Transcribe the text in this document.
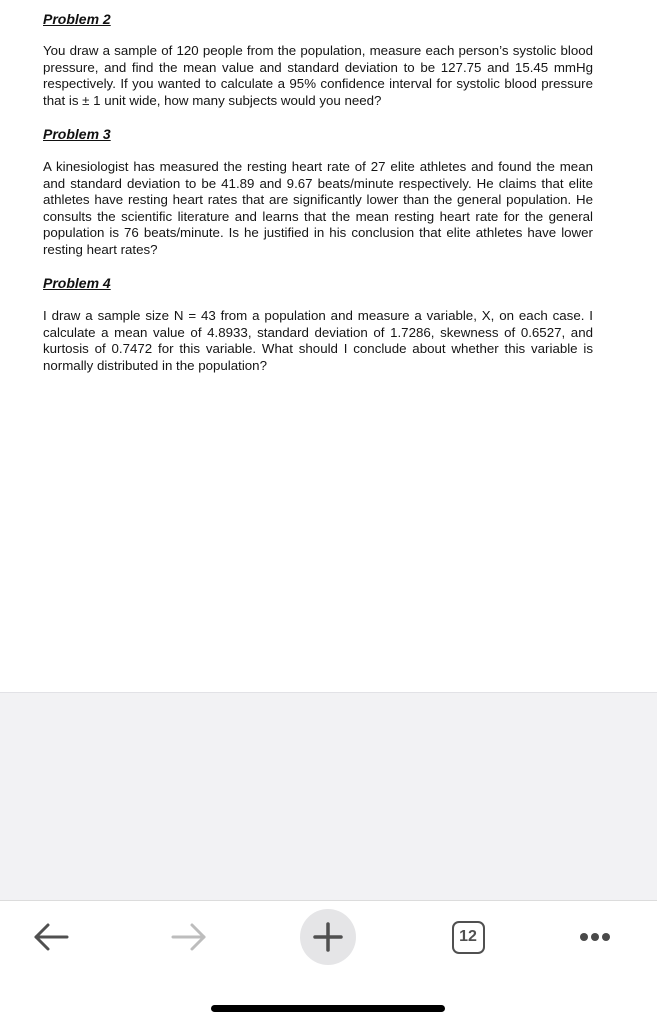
Problem 2

You draw a sample of 120 people from the population, measure each person’s systolic blood pressure, and find the mean value and standard deviation to be 127.75 and 15.45 mmHg respectively. If you wanted to calculate a 95% confidence interval for systolic blood pressure that is ± 1 unit wide, how many subjects would you need?

Problem 3

A kinesiologist has measured the resting heart rate of 27 elite athletes and found the mean and standard deviation to be 41.89 and 9.67 beats/minute respectively. He claims that elite athletes have resting heart rates that are significantly lower than the general population. He consults the scientific literature and learns that the mean resting heart rate for the general population is 76 beats/minute. Is he justified in his conclusion that elite athletes have lower resting heart rates?

Problem 4

I draw a sample size N = 43 from a population and measure a variable, X, on each case. I calculate a mean value of 4.8933, standard deviation of 1.7286, skewness of 0.6527, and kurtosis of 0.7472 for this variable. What should I conclude about whether this variable is normally distributed in the population?

12
